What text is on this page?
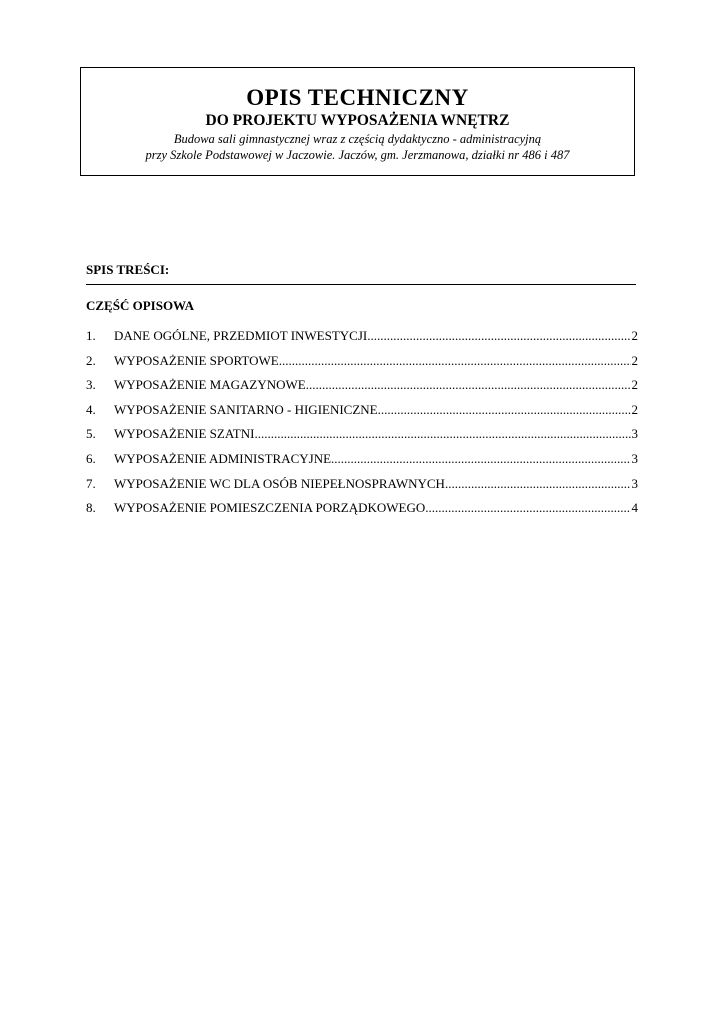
OPIS TECHNICZNY
DO PROJEKTU WYPOSAŻENIA WNĘTRZ
Budowa sali gimnastycznej wraz z częścią dydaktyczno - administracyjną
przy Szkole Podstawowej w Jaczowie. Jaczów, gm. Jerzmanowa, działki nr 486 i 487
SPIS TREŚCI:
CZĘŚĆ OPISOWA
1.	DANE OGÓLNE, PRZEDMIOT INWESTYCJI .....	2
2.	WYPOSAŻENIE SPORTOWE .....	2
3.	WYPOSAŻENIE MAGAZYNOWE .....	2
4.	WYPOSAŻENIE SANITARNO - HIGIENICZNE .....	2
5.	WYPOSAŻENIE SZATNI .....	3
6.	WYPOSAŻENIE ADMINISTRACYJNE .....	3
7.	WYPOSAŻENIE WC DLA OSÓB NIEPEŁNOSPRAWNYCH .....	3
8.	WYPOSAŻENIE POMIESZCZENIA PORZĄDKOWEGO .....	4
